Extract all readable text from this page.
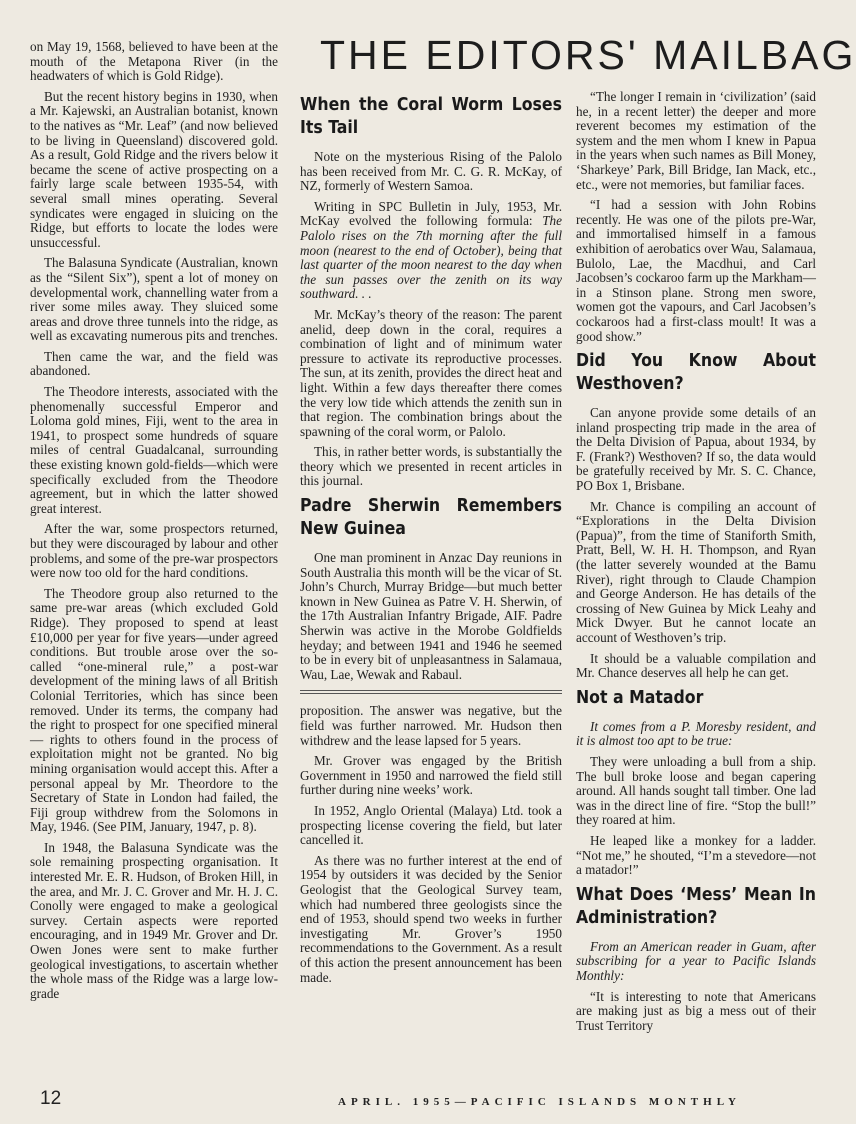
THE EDITORS' MAILBAG

on May 19, 1568, believed to have been at the mouth of the Metapona River (in the headwaters of which is Gold Ridge).

But the recent history begins in 1930, when a Mr. Kajewski, an Australian botanist, known to the natives as “Mr. Leaf” (and now believed to be living in Queensland) discovered gold. As a result, Gold Ridge and the rivers below it became the scene of active prospecting on a fairly large scale between 1935-54, with several small mines operating. Several syndicates were engaged in sluicing on the Ridge, but efforts to locate the lodes were unsuccessful.

The Balasuna Syndicate (Australian, known as the “Silent Six”), spent a lot of money on developmental work, channelling water from a river some miles away. They sluiced some areas and drove three tunnels into the ridge, as well as excavating numerous pits and trenches.

Then came the war, and the field was abandoned.

The Theodore interests, associated with the phenomenally successful Emperor and Loloma gold mines, Fiji, went to the area in 1941, to prospect some hundreds of square miles of central Guadalcanal, surrounding these existing known gold-fields—which were specifically excluded from the Theodore agreement, but in which the latter showed great interest.

After the war, some prospectors returned, but they were discouraged by labour and other problems, and some of the pre-war prospectors were now too old for the hard conditions.

The Theodore group also returned to the same pre-war areas (which excluded Gold Ridge). They proposed to spend at least £10,000 per year for five years—under agreed conditions. But trouble arose over the so-called “one-mineral rule,” a post-war development of the mining laws of all British Colonial Territories, which has since been removed. Under its terms, the company had the right to prospect for one specified mineral — rights to others found in the process of exploitation might not be granted. No big mining organisation would accept this. After a personal appeal by Mr. Theordore to the Secretary of State in London had failed, the Fiji group withdrew from the Solomons in May, 1946. (See PIM, January, 1947, p. 8).

In 1948, the Balasuna Syndicate was the sole remaining prospecting organisation. It interested Mr. E. R. Hudson, of Broken Hill, in the area, and Mr. J. C. Grover and Mr. H. J. C. Conolly were engaged to make a geological survey. Certain aspects were reported encouraging, and in 1949 Mr. Grover and Dr. Owen Jones were sent to make further geological investigations, to ascertain whether the whole mass of the Ridge was a large low-grade

When the Coral Worm Loses Its Tail

Note on the mysterious Rising of the Palolo has been received from Mr. C. G. R. McKay, of NZ, formerly of Western Samoa.

Writing in SPC Bulletin in July, 1953, Mr. McKay evolved the following formula: The Palolo rises on the 7th morning after the full moon (nearest to the end of October), being that last quarter of the moon nearest to the day when the sun passes over the zenith on its way southward. . .

Mr. McKay’s theory of the reason: The parent anelid, deep down in the coral, requires a combination of light and of minimum water pressure to activate its reproductive processes. The sun, at its zenith, provides the direct heat and light. Within a few days thereafter there comes the very low tide which attends the zenith sun in that region. The combination brings about the spawning of the coral worm, or Palolo.

This, in rather better words, is substantially the theory which we presented in recent articles in this journal.

Padre Sherwin Remembers New Guinea

One man prominent in Anzac Day reunions in South Australia this month will be the vicar of St. John’s Church, Murray Bridge—but much better known in New Guinea as Patre V. H. Sherwin, of the 17th Australian Infantry Brigade, AIF. Padre Sherwin was active in the Morobe Goldfields heyday; and between 1941 and 1946 he seemed to be in every bit of unpleasantness in Salamaua, Wau, Lae, Wewak and Rabaul.

proposition. The answer was negative, but the field was further narrowed. Mr. Hudson then withdrew and the lease lapsed for 5 years.

Mr. Grover was engaged by the British Government in 1950 and narrowed the field still further during nine weeks’ work.

In 1952, Anglo Oriental (Malaya) Ltd. took a prospecting license covering the field, but later cancelled it.

As there was no further interest at the end of 1954 by outsiders it was decided by the Senior Geologist that the Geological Survey team, which had numbered three geologists since the end of 1953, should spend two weeks in further investigating Mr. Grover’s 1950 recommendations to the Government. As a result of this action the present announcement has been made.

“The longer I remain in ‘civilization’ (said he, in a recent letter) the deeper and more reverent becomes my estimation of the system and the men whom I knew in Papua in the years when such names as Bill Money, ‘Sharkeye’ Park, Bill Bridge, Ian Mack, etc., etc., were not memories, but familiar faces.

“I had a session with John Robins recently. He was one of the pilots pre-War, and immortalised himself in a famous exhibition of aerobatics over Wau, Salamaua, Bulolo, Lae, the Macdhui, and Carl Jacobsen’s cockaroo farm up the Markham—in a Stinson plane. Strong men swore, women got the vapours, and Carl Jacobsen’s cockaroos had a first-class moult! It was a good show.”

Did You Know About Westhoven?

Can anyone provide some details of an inland prospecting trip made in the area of the Delta Division of Papua, about 1934, by F. (Frank?) Westhoven? If so, the data would be gratefully received by Mr. S. C. Chance, PO Box 1, Brisbane.

Mr. Chance is compiling an account of “Explorations in the Delta Division (Papua)”, from the time of Staniforth Smith, Pratt, Bell, W. H. H. Thompson, and Ryan (the latter severely wounded at the Bamu River), right through to Claude Champion and George Anderson. He has details of the crossing of New Guinea by Mick Leahy and Mick Dwyer. But he cannot locate an account of Westhoven’s trip.

It should be a valuable compilation and Mr. Chance deserves all help he can get.

Not a Matador

It comes from a P. Moresby resident, and it is almost too apt to be true:

They were unloading a bull from a ship. The bull broke loose and began capering around. All hands sought tall timber. One lad was in the direct line of fire. “Stop the bull!” they roared at him.

He leaped like a monkey for a ladder. “Not me,” he shouted, “I’m a stevedore—not a matador!”

What Does ‘Mess’ Mean In Administration?

From an American reader in Guam, after subscribing for a year to Pacific Islands Monthly:

“It is interesting to note that Americans are making just as big a mess out of their Trust Territory

12	APRIL. 1955—PACIFIC ISLANDS MONTHLY
